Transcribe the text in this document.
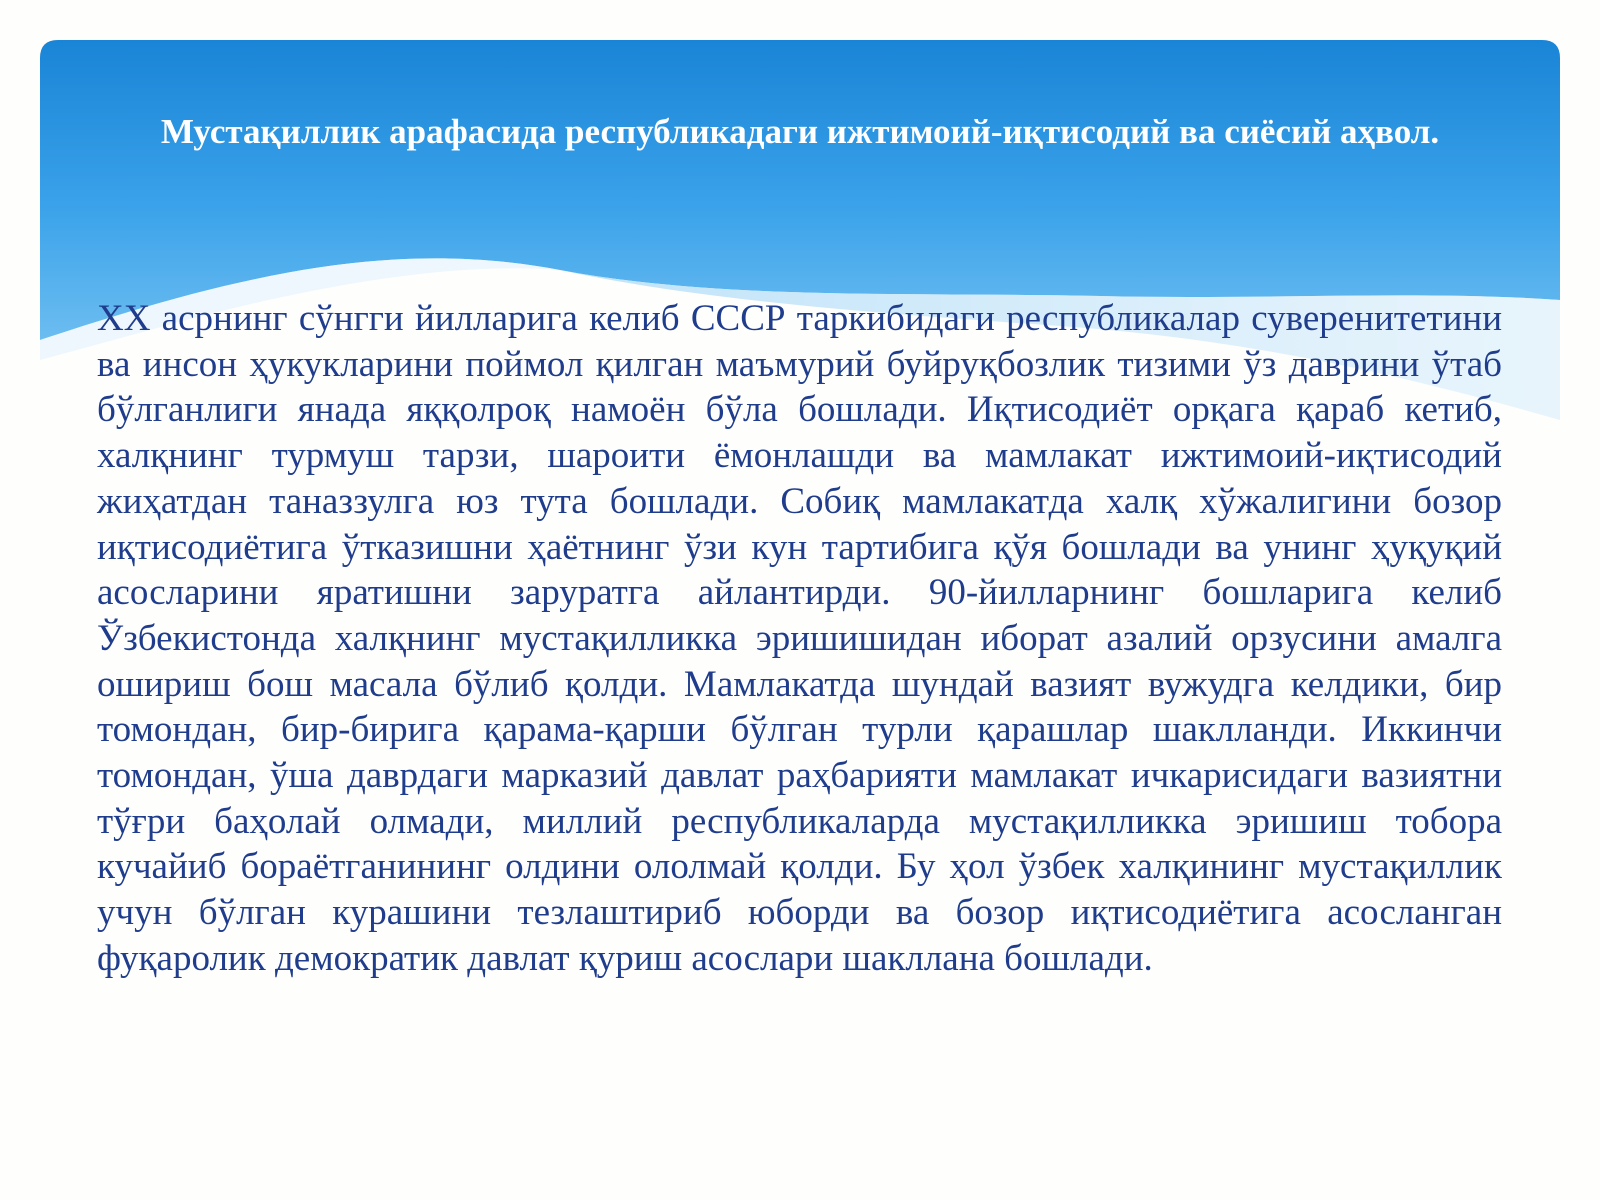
Мустақиллик арафасида республикадаги ижтимоий-иқтисодий ва сиёсий аҳвол.

XX асрнинг сўнгги йилларига келиб СССР таркибидаги республикалар суверенитетини ва инсон ҳукукларини поймол қилган маъмурий буйруқбозлик тизими ўз даврини ўтаб бўлганлиги янада яққолроқ намоён бўла бошлади. Иқтисодиёт орқага қараб кетиб, халқнинг турмуш тарзи, шароити ёмонлашди ва мамлакат ижтимоий-иқтисодий жиҳатдан таназзулга юз тута бошлади. Собиқ мамлакатда халқ хўжалигини бозор иқтисодиётига ўтказишни ҳаётнинг ўзи кун тартибига қўя бошлади ва унинг ҳуқуқий асосларини яратишни заруратга айлантирди. 90-йилларнинг бошларига келиб Ўзбекистонда халқнинг мустақилликка эришишидан иборат азалий орзусини амалга ошириш бош масала бўлиб қолди. Мамлакатда шундай вазият вужудга келдики, бир томондан, бир-бирига қарама-қарши бўлган турли қарашлар шаклланди. Иккинчи томондан, ўша даврдаги марказий давлат раҳбарияти мамлакат ичкарисидаги вазиятни тўғри баҳолай олмади, миллий республикаларда мустақилликка эришиш тобора кучайиб бораётганининг олдини ололмай қолди. Бу ҳол ўзбек халқининг мустақиллик учун бўлган курашини тезлаштириб юборди ва бозор иқтисодиётига асосланган фуқаролик демократик давлат қуриш асослари шакллана бошлади.
